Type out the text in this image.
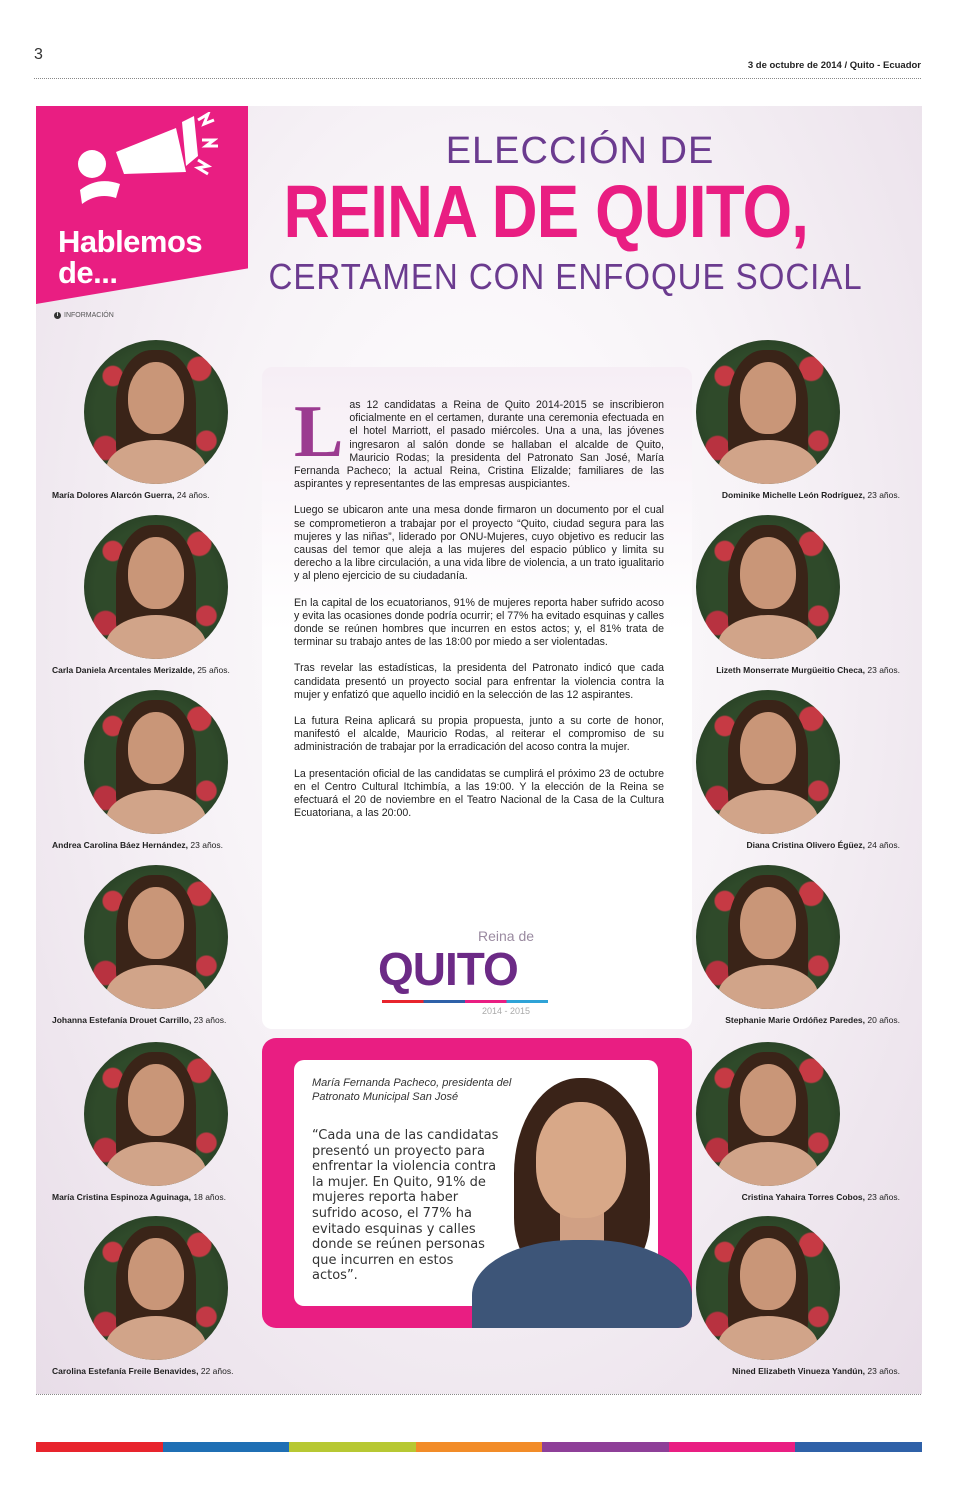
3
3 de octubre de 2014 / Quito - Ecuador
Hablemos
de...
ELECCIÓN DE
REINA DE QUITO,
CERTAMEN CON ENFOQUE SOCIAL
i INFORMACIÓN
María Dolores Alarcón Guerra, 24 años.
Carla Daniela Arcentales Merizalde, 25 años.
Andrea Carolina Báez Hernández, 23 años.
Johanna Estefanía Drouet Carrillo, 23 años.
María Cristina Espinoza Aguinaga, 18 años.
Carolina Estefanía Freile Benavides, 22 años.
Dominike Michelle León Rodríguez, 23 años.
Lizeth Monserrate Murgüeitio Checa, 23 años.
Diana Cristina Olivero Égüez, 24 años.
Stephanie Marie Ordóñez Paredes, 20 años.
Cristina Yahaira Torres Cobos, 23 años.
Nined Elizabeth Vinueza Yandún, 23 años.

Las 12 candidatas a Reina de Quito 2014-2015 se inscribieron oficialmente en el certamen, durante una ceremonia efectuada en el hotel Marriott, el pasado miércoles. Una a una, las jóvenes ingresaron al salón donde se hallaban el alcalde de Quito, Mauricio Rodas; la presidenta del Patronato San José, María Fernanda Pacheco; la actual Reina, Cristina Elizalde; familiares de las aspirantes y representantes de las empresas auspiciantes.

Luego se ubicaron ante una mesa donde firmaron un documento por el cual se comprometieron a trabajar por el proyecto “Quito, ciudad segura para las mujeres y las niñas”, liderado por ONU-Mujeres, cuyo objetivo es reducir las causas del temor que aleja a las mujeres del espacio público y limita su derecho a la libre circulación, a una vida libre de violencia, a un trato igualitario y al pleno ejercicio de su ciudadanía.

En la capital de los ecuatorianos, 91% de mujeres reporta haber sufrido acoso y evita las ocasiones donde podría ocurrir; el 77% ha evitado esquinas y calles donde se reúnen hombres que incurren en estos actos; y, el 81% trata de terminar su trabajo antes de las 18:00 por miedo a ser violentadas.

Tras revelar las estadísticas, la presidenta del Patronato indicó que cada candidata presentó un proyecto social para enfrentar la violencia contra la mujer y enfatizó que aquello incidió en la selección de las 12 aspirantes.

La futura Reina aplicará su propia propuesta, junto a su corte de honor, manifestó el alcalde, Mauricio Rodas, al reiterar el compromiso de su administración de trabajar por la erradicación del acoso contra la mujer.

La presentación oficial de las candidatas se cumplirá el próximo 23 de octubre en el Centro Cultural Itchimbía, a las 19:00. Y la elección de la Reina se efectuará el 20 de noviembre en el Teatro Nacional de la Casa de la Cultura Ecuatoriana, a las 20:00.

Reina de
QUITO
2014 - 2015
María Fernanda Pacheco, presidenta del Patronato Municipal San José
“Cada una de las candidatas presentó un proyecto para enfrentar la violencia contra la mujer. En Quito, 91% de mujeres reporta haber sufrido acoso, el 77% ha evitado esquinas y calles donde se reúnen personas que incurren en estos actos”.
